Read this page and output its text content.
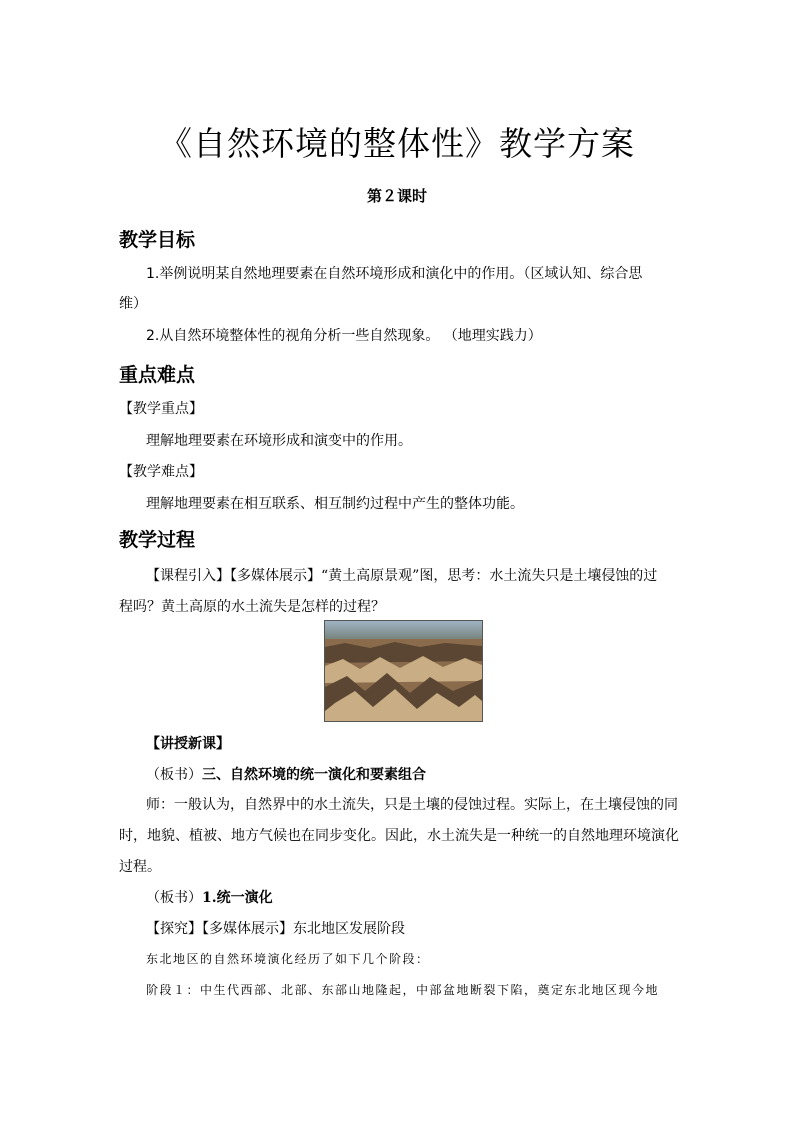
《自然环境的整体性》教学方案
第２课时
教学目标
1.举例说明某自然地理要素在自然环境形成和演化中的作用。（区域认知、综合思
维）
2.从自然环境整体性的视角分析一些自然现象。 （地理实践力）
重点难点
【教学重点】
理解地理要素在环境形成和演变中的作用。
【教学难点】
理解地理要素在相互联系、相互制约过程中产生的整体功能。
教学过程
【课程引入】【多媒体展示】“黄土高原景观”图，思考：水土流失只是土壤侵蚀的过
程吗？黄土高原的水土流失是怎样的过程？
【讲授新课】
（板书）三、自然环境的统一演化和要素组合
师：一般认为，自然界中的水土流失，只是土壤的侵蚀过程。实际上，在土壤侵蚀的同
时，地貌、植被、地方气候也在同步变化。因此，水土流失是一种统一的自然地理环境演化
过程。
（板书）1.统一演化
【探究】【多媒体展示】东北地区发展阶段
东北地区的自然环境演化经历了如下几个阶段：
阶段１：中生代西部、北部、东部山地隆起，中部盆地断裂下陷，奠定东北地区现今地
